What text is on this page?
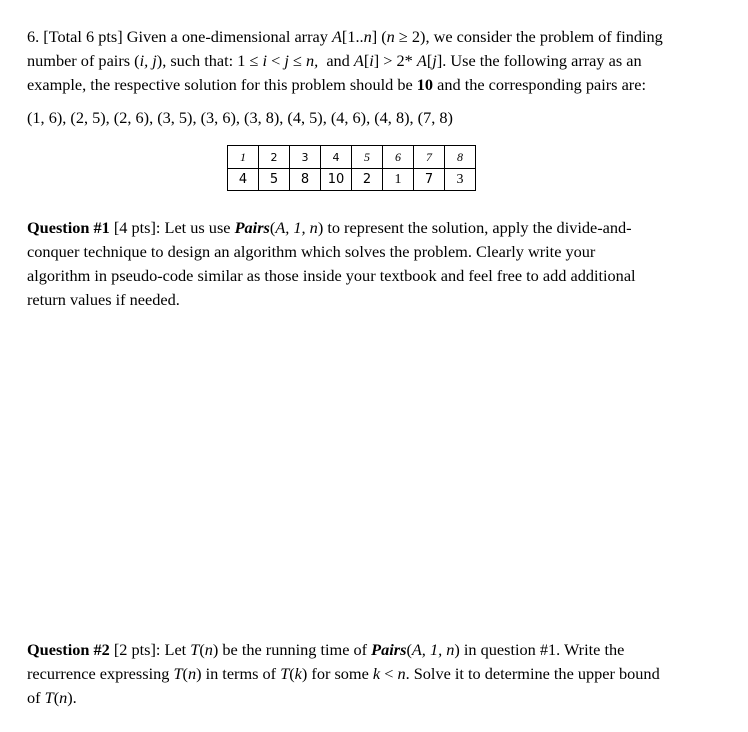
6. [Total 6 pts] Given a one-dimensional array A[1..n] (n ≥ 2), we consider the problem of finding
number of pairs (i, j), such that: 1 ≤ i < j ≤ n,  and A[i] > 2* A[j]. Use the following array as an
example, the respective solution for this problem should be 10 and the corresponding pairs are:
(1, 6), (2, 5), (2, 6), (3, 5), (3, 6), (3, 8), (4, 5), (4, 6), (4, 8), (7, 8)
1	2	3	4	5	6	7	8
4	5	8	10	2	1	7	3
Question #1 [4 pts]: Let us use Pairs(A, 1, n) to represent the solution, apply the divide-and-
conquer technique to design an algorithm which solves the problem. Clearly write your
algorithm in pseudo-code similar as those inside your textbook and feel free to add additional
return values if needed.
Question #2 [2 pts]: Let T(n) be the running time of Pairs(A, 1, n) in question #1. Write the
recurrence expressing T(n) in terms of T(k) for some k < n. Solve it to determine the upper bound
of T(n).
